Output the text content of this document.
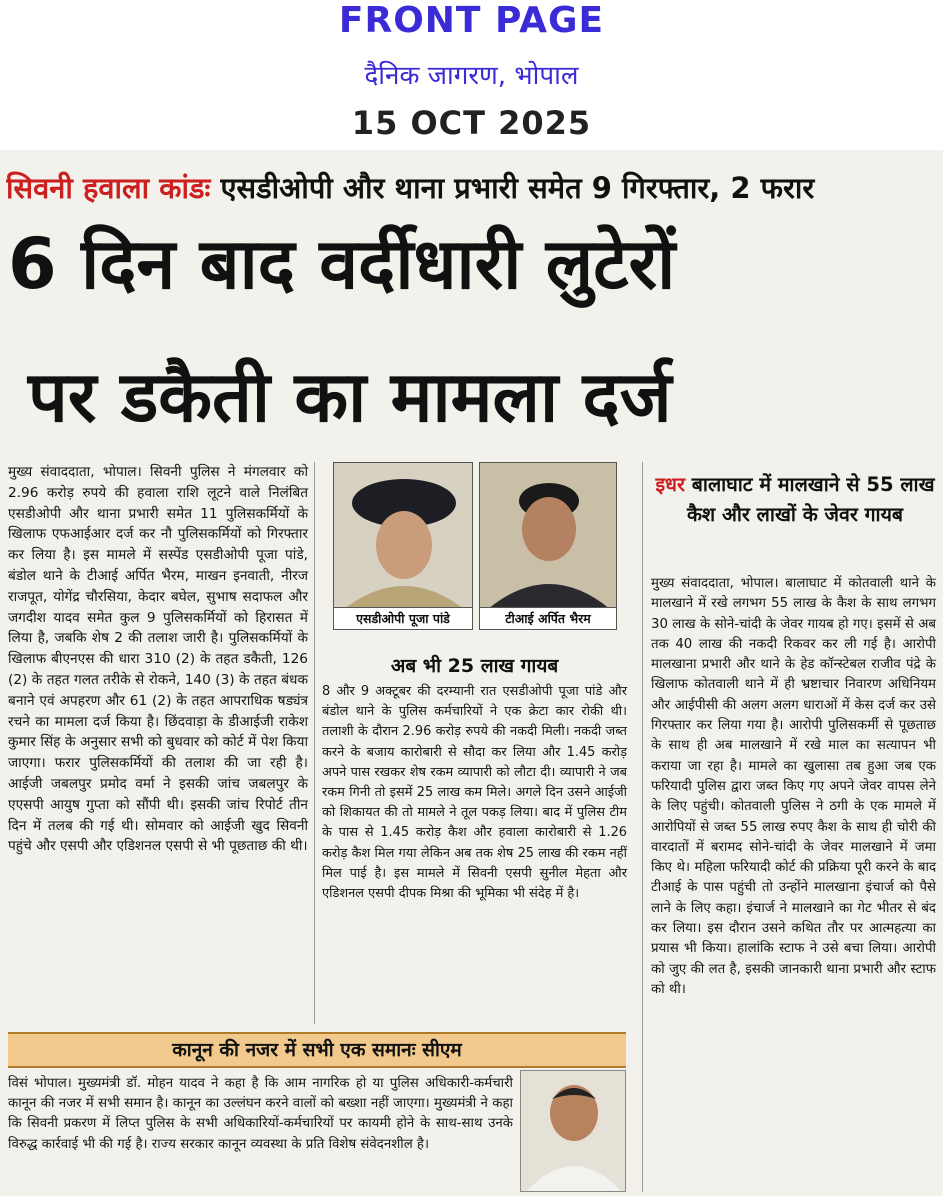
FRONT PAGE
दैनिक जागरण, भोपाल
15 OCT 2025
सिवनी हवाला कांडः एसडीओपी और थाना प्रभारी समेत 9 गिरफ्तार, 2 फरार
6 दिन बाद वर्दीधारी लुटेरों
पर डकैती का मामला दर्ज
मुख्य संवाददाता, भोपाल। सिवनी पुलिस ने मंगलवार को 2.96 करोड़ रुपये की हवाला राशि लूटने वाले निलंबित एसडीओपी और थाना प्रभारी समेत 11 पुलिसकर्मियों के खिलाफ एफआईआर दर्ज कर नौ पुलिसकर्मियों को गिरफ्तार कर लिया है। इस मामले में सस्पेंड एसडीओपी पूजा पांडे, बंडोल थाने के टीआई अर्पित भैरम, माखन इनवाती, नीरज राजपूत, योगेंद्र चौरसिया, केदार बघेल, सुभाष सदाफल और जगदीश यादव समेत कुल 9 पुलिसकर्मियों को हिरासत में लिया है, जबकि शेष 2 की तलाश जारी है। पुलिसकर्मियों के खिलाफ बीएनएस की धारा 310 (2) के तहत डकैती, 126 (2) के तहत गलत तरीके से रोकने, 140 (3) के तहत बंधक बनाने एवं अपहरण और 61 (2) के तहत आपराधिक षड्यंत्र रचने का मामला दर्ज किया है। छिंदवाड़ा के डीआईजी राकेश कुमार सिंह के अनुसार सभी को बुधवार को कोर्ट में पेश किया जाएगा। फरार पुलिसकर्मियों की तलाश की जा रही है। आईजी जबलपुर प्रमोद वर्मा ने इसकी जांच जबलपुर के एएसपी आयुष गुप्ता को सौंपी थी। इसकी जांच रिपोर्ट तीन दिन में तलब की गई थी। सोमवार को आईजी खुद सिवनी पहुंचे और एसपी और एडिशनल एसपी से भी पूछताछ की थी।
एसडीओपी पूजा पांडे	टीआई अर्पित भैरम
अब भी 25 लाख गायब
8 और 9 अक्टूबर की दरम्यानी रात एसडीओपी पूजा पांडे और बंडोल थाने के पुलिस कर्मचारियों ने एक क्रेटा कार रोकी थी। तलाशी के दौरान 2.96 करोड़ रुपये की नकदी मिली। नकदी जब्त करने के बजाय कारोबारी से सौदा कर लिया और 1.45 करोड़ अपने पास रखकर शेष रकम व्यापारी को लौटा दी। व्यापारी ने जब रकम गिनी तो इसमें 25 लाख कम मिले। अगले दिन उसने आईजी को शिकायत की तो मामले ने तूल पकड़ लिया। बाद में पुलिस टीम के पास से 1.45 करोड़ कैश और हवाला कारोबारी से 1.26 करोड़ कैश मिल गया लेकिन अब तक शेष 25 लाख की रकम नहीं मिल पाई है। इस मामले में सिवनी एसपी सुनील मेहता और एडिशनल एसपी दीपक मिश्रा की भूमिका भी संदेह में है।
इधर बालाघाट में मालखाने से 55 लाख कैश और लाखों के जेवर गायब
मुख्य संवाददाता, भोपाल। बालाघाट में कोतवाली थाने के मालखाने में रखे लगभग 55 लाख के कैश के साथ लगभग 30 लाख के सोने-चांदी के जेवर गायब हो गए। इसमें से अब तक 40 लाख की नकदी रिकवर कर ली गई है। आरोपी मालखाना प्रभारी और थाने के हेड कॉन्स्टेबल राजीव पंद्रे के खिलाफ कोतवाली थाने में ही भ्रष्टाचार निवारण अधिनियम और आईपीसी की अलग अलग धाराओं में केस दर्ज कर उसे गिरफ्तार कर लिया गया है। आरोपी पुलिसकर्मी से पूछताछ के साथ ही अब मालखाने में रखे माल का सत्यापन भी कराया जा रहा है। मामले का खुलासा तब हुआ जब एक फरियादी पुलिस द्वारा जब्त किए गए अपने जेवर वापस लेने के लिए पहुंची। कोतवाली पुलिस ने ठगी के एक मामले में आरोपियों से जब्त 55 लाख रुपए कैश के साथ ही चोरी की वारदातों में बरामद सोने-चांदी के जेवर मालखाने में जमा किए थे। महिला फरियादी कोर्ट की प्रक्रिया पूरी करने के बाद टीआई के पास पहुंची तो उन्होंने मालखाना इंचार्ज को पैसे लाने के लिए कहा। इंचार्ज ने मालखाने का गेट भीतर से बंद कर लिया। इस दौरान उसने कथित तौर पर आत्महत्या का प्रयास भी किया। हालांकि स्टाफ ने उसे बचा लिया। आरोपी को जुए की लत है, इसकी जानकारी थाना प्रभारी और स्टाफ को थी।
कानून की नजर में सभी एक समानः सीएम
विसं भोपाल। मुख्यमंत्री डॉ. मोहन यादव ने कहा है कि आम नागरिक हो या पुलिस अधिकारी-कर्मचारी कानून की नजर में सभी समान है। कानून का उल्लंघन करने वालों को बख्शा नहीं जाएगा। मुख्यमंत्री ने कहा कि सिवनी प्रकरण में लिप्त पुलिस के सभी अधिकारियों-कर्मचारियों पर कायमी होने के साथ-साथ उनके विरुद्ध कार्रवाई भी की गई है। राज्य सरकार कानून व्यवस्था के प्रति विशेष संवेदनशील है।
